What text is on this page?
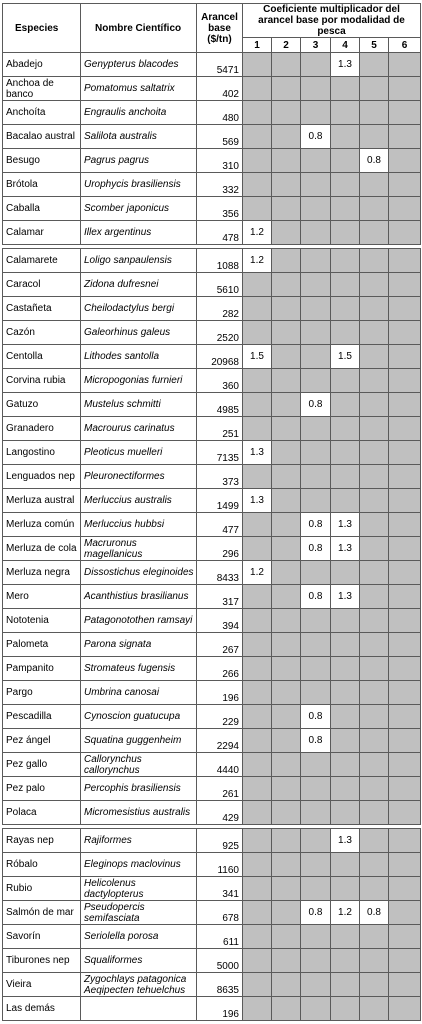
Especies	Nombre Científico	Arancel
base
($/tn)	Coeficiente multiplicador del arancel base por modalidad de pesca					
			1	2	3	4	5	6
Abadejo	Genypterus blacodes	5471				1.3		
Anchoa de banco	Pomatomus saltatrix	402						
Anchoíta	Engraulis anchoita	480						
Bacalao austral	Salilota australis	569			0.8			
Besugo	Pagrus pagrus	310					0.8	
Brótola	Urophycis brasiliensis	332						
Caballa	Scomber japonicus	356						
Calamar	Illex argentinus	478	1.2					

Calamarete	Loligo sanpaulensis	1088	1.2					
Caracol	Zidona dufresnei	5610						
Castañeta	Cheilodactylus bergi	282						
Cazón	Galeorhinus galeus	2520						
Centolla	Lithodes santolla	20968	1.5			1.5		
Corvina rubia	Micropogonias furnieri	360						
Gatuzo	Mustelus schmitti	4985			0.8			
Granadero	Macrourus carinatus	251						
Langostino	Pleoticus muelleri	7135	1.3					
Lenguados nep	Pleuronectiformes	373						
Merluza austral	Merluccius australis	1499	1.3					
Merluza común	Merluccius hubbsi	477			0.8	1.3		
Merluza de cola	Macruronus magellanicus	296			0.8	1.3		
Merluza negra	Dissostichus eleginoides	8433	1.2					
Mero	Acanthistius brasilianus	317			0.8	1.3		
Nototenia	Patagonotothen ramsayi	394						
Palometa	Parona signata	267						
Pampanito	Stromateus fugensis	266						
Pargo	Umbrina canosai	196						
Pescadilla	Cynoscion guatucupa	229			0.8			
Pez ángel	Squatina guggenheim	2294			0.8			
Pez gallo	Callorynchus callorynchus	4440						
Pez palo	Percophis brasiliensis	261						
Polaca	Micromesistius australis	429						

Rayas nep	Rajiformes	925				1.3		
Róbalo	Eleginops maclovinus	1160						
Rubio	Helicolenus dactylopterus	341						
Salmón de mar	Pseudopercis semifasciata	678			0.8	1.2	0.8	
Savorín	Seriolella porosa	611						
Tiburones nep	Squaliformes	5000						
Vieira	Zygochlays patagonica Aeqipecten tehuelchus	8635						
Las demás		196						
